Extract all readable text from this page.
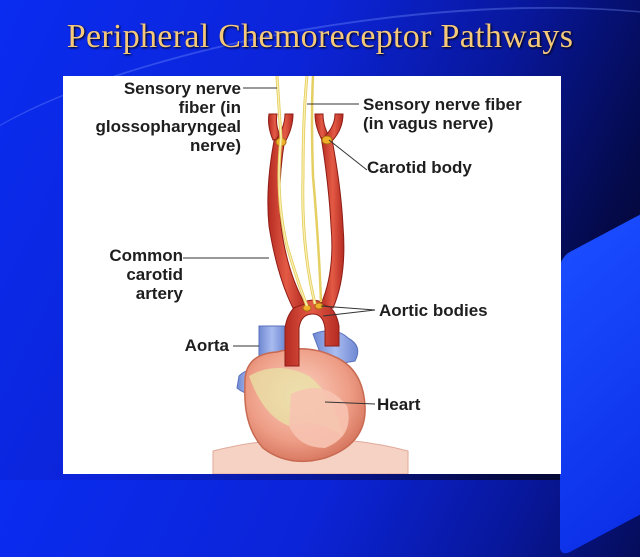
Peripheral Chemoreceptor Pathways
Sensory nerve
fiber (in
glossopharyngeal
nerve)
Sensory nerve fiber
(in vagus nerve)
Carotid body
Common
carotid
artery
Aortic bodies
Aorta
Heart
